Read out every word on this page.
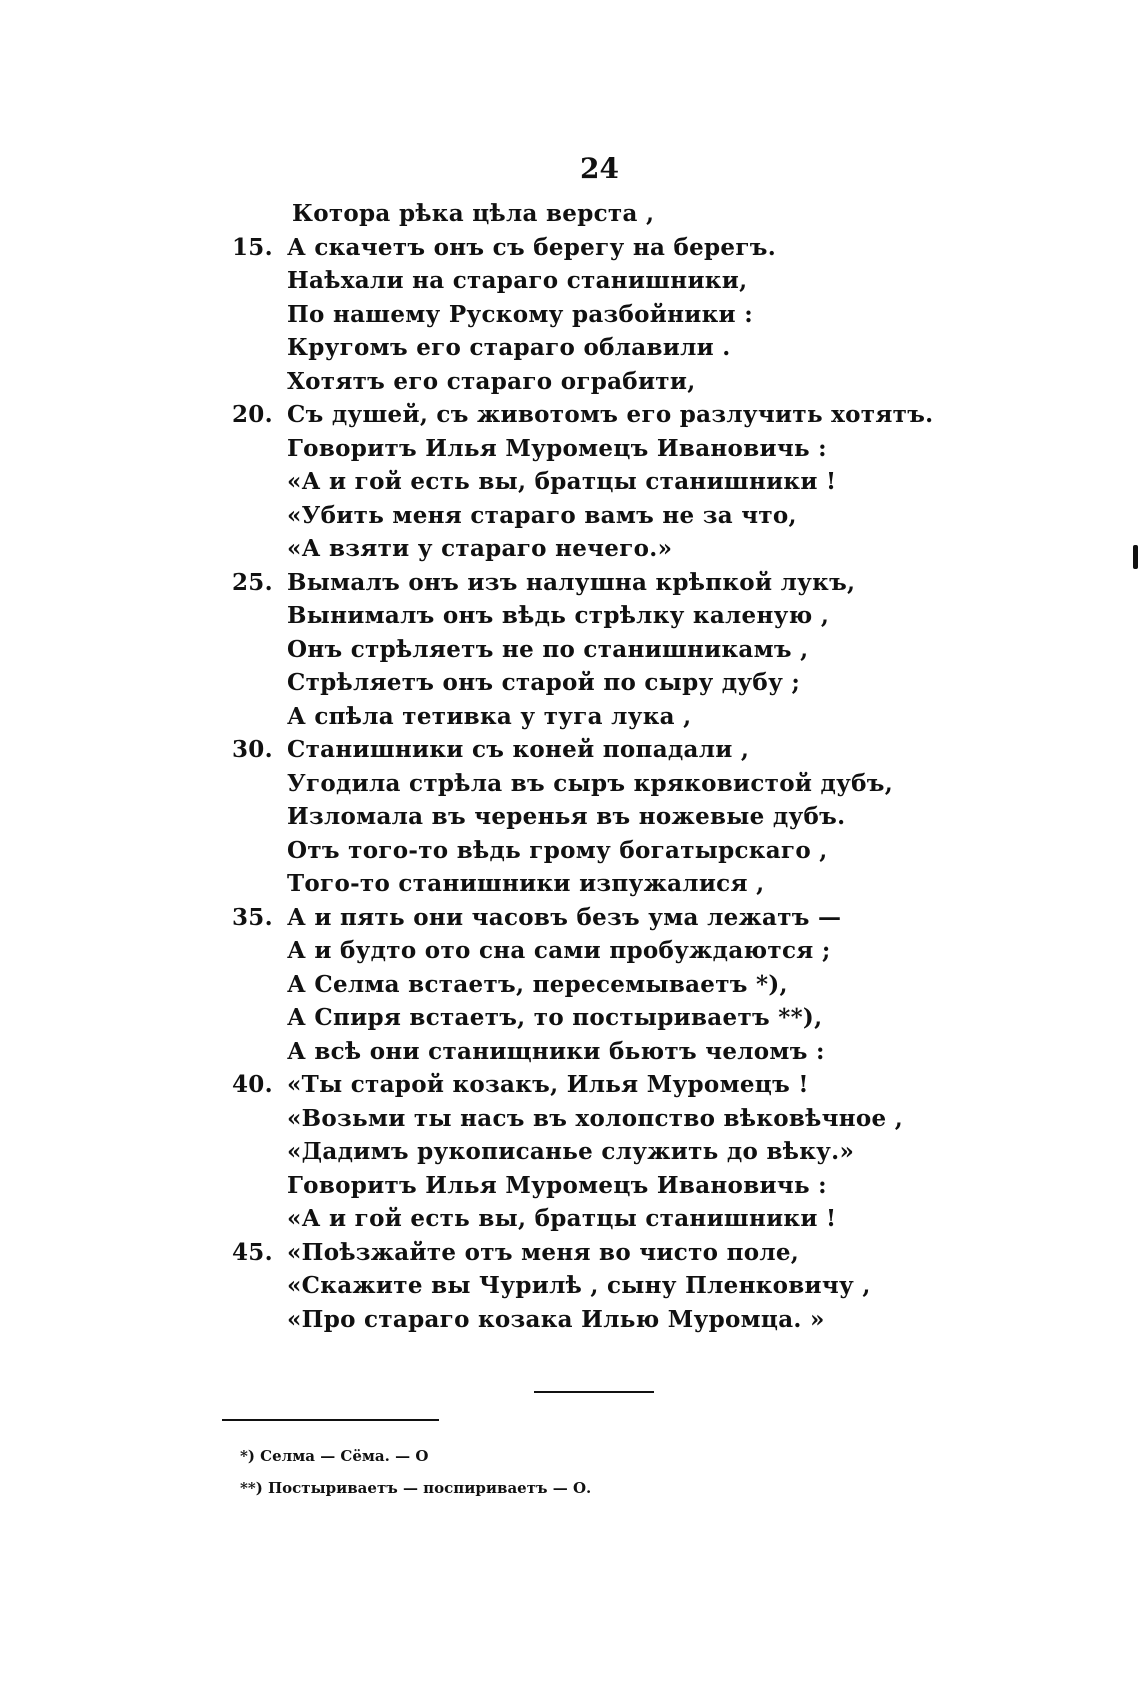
24
Котора рѣка цѣла верста ,
15. А скачетъ онъ съ берегу на берегъ.
Наѣхали на стараго станишники,
По нашему Рускому разбойники :
Кругомъ его стараго облавили .
Хотятъ его стараго ограбити,
20. Съ душей, съ животомъ его разлучить хотятъ.
Говоритъ Илья Муромецъ Ивановичь :
«А и гой есть вы, братцы станишники !
«Убить меня стараго вамъ не за что,
«А взяти у стараго нечего.»
25. Вымалъ онъ изъ налушна крѣпкой лукъ,
Вынималъ онъ вѣдь стрѣлку каленую ,
Онъ стрѣляетъ не по станишникамъ ,
Стрѣляетъ онъ старой по сыру дубу ;
А спѣла тетивка у туга лука ,
30. Станишники съ коней попадали ,
Угодила стрѣла въ сыръ кряковистой дубъ,
Изломала въ черенья въ ножевые дубъ.
Отъ того-то вѣдь грому богатырскаго ,
Того-то станишники изпужалися ,
35. А и пять они часовъ безъ ума лежатъ —
А и будто ото сна сами пробуждаются ;
А Селма встаетъ, пересемываетъ *),
А Спиря встаетъ, то постыриваетъ **),
А всѣ они станищники бьютъ челомъ :
40. «Ты старой козакъ, Илья Муромецъ !
«Возьми ты насъ въ холопство вѣковѣчное ,
«Дадимъ рукописанье служить до вѣку.»
Говоритъ Илья Муромецъ Ивановичь :
«А и гой есть вы, братцы станишники !
45. «Поѣзжайте отъ меня во чисто поле,
«Скажите вы Чурилѣ , сыну Пленковичу ,
«Про стараго козака Илью Муромца. »
*) Селма — Сёма. — О
**) Постыриваетъ — поспириваетъ — О.
